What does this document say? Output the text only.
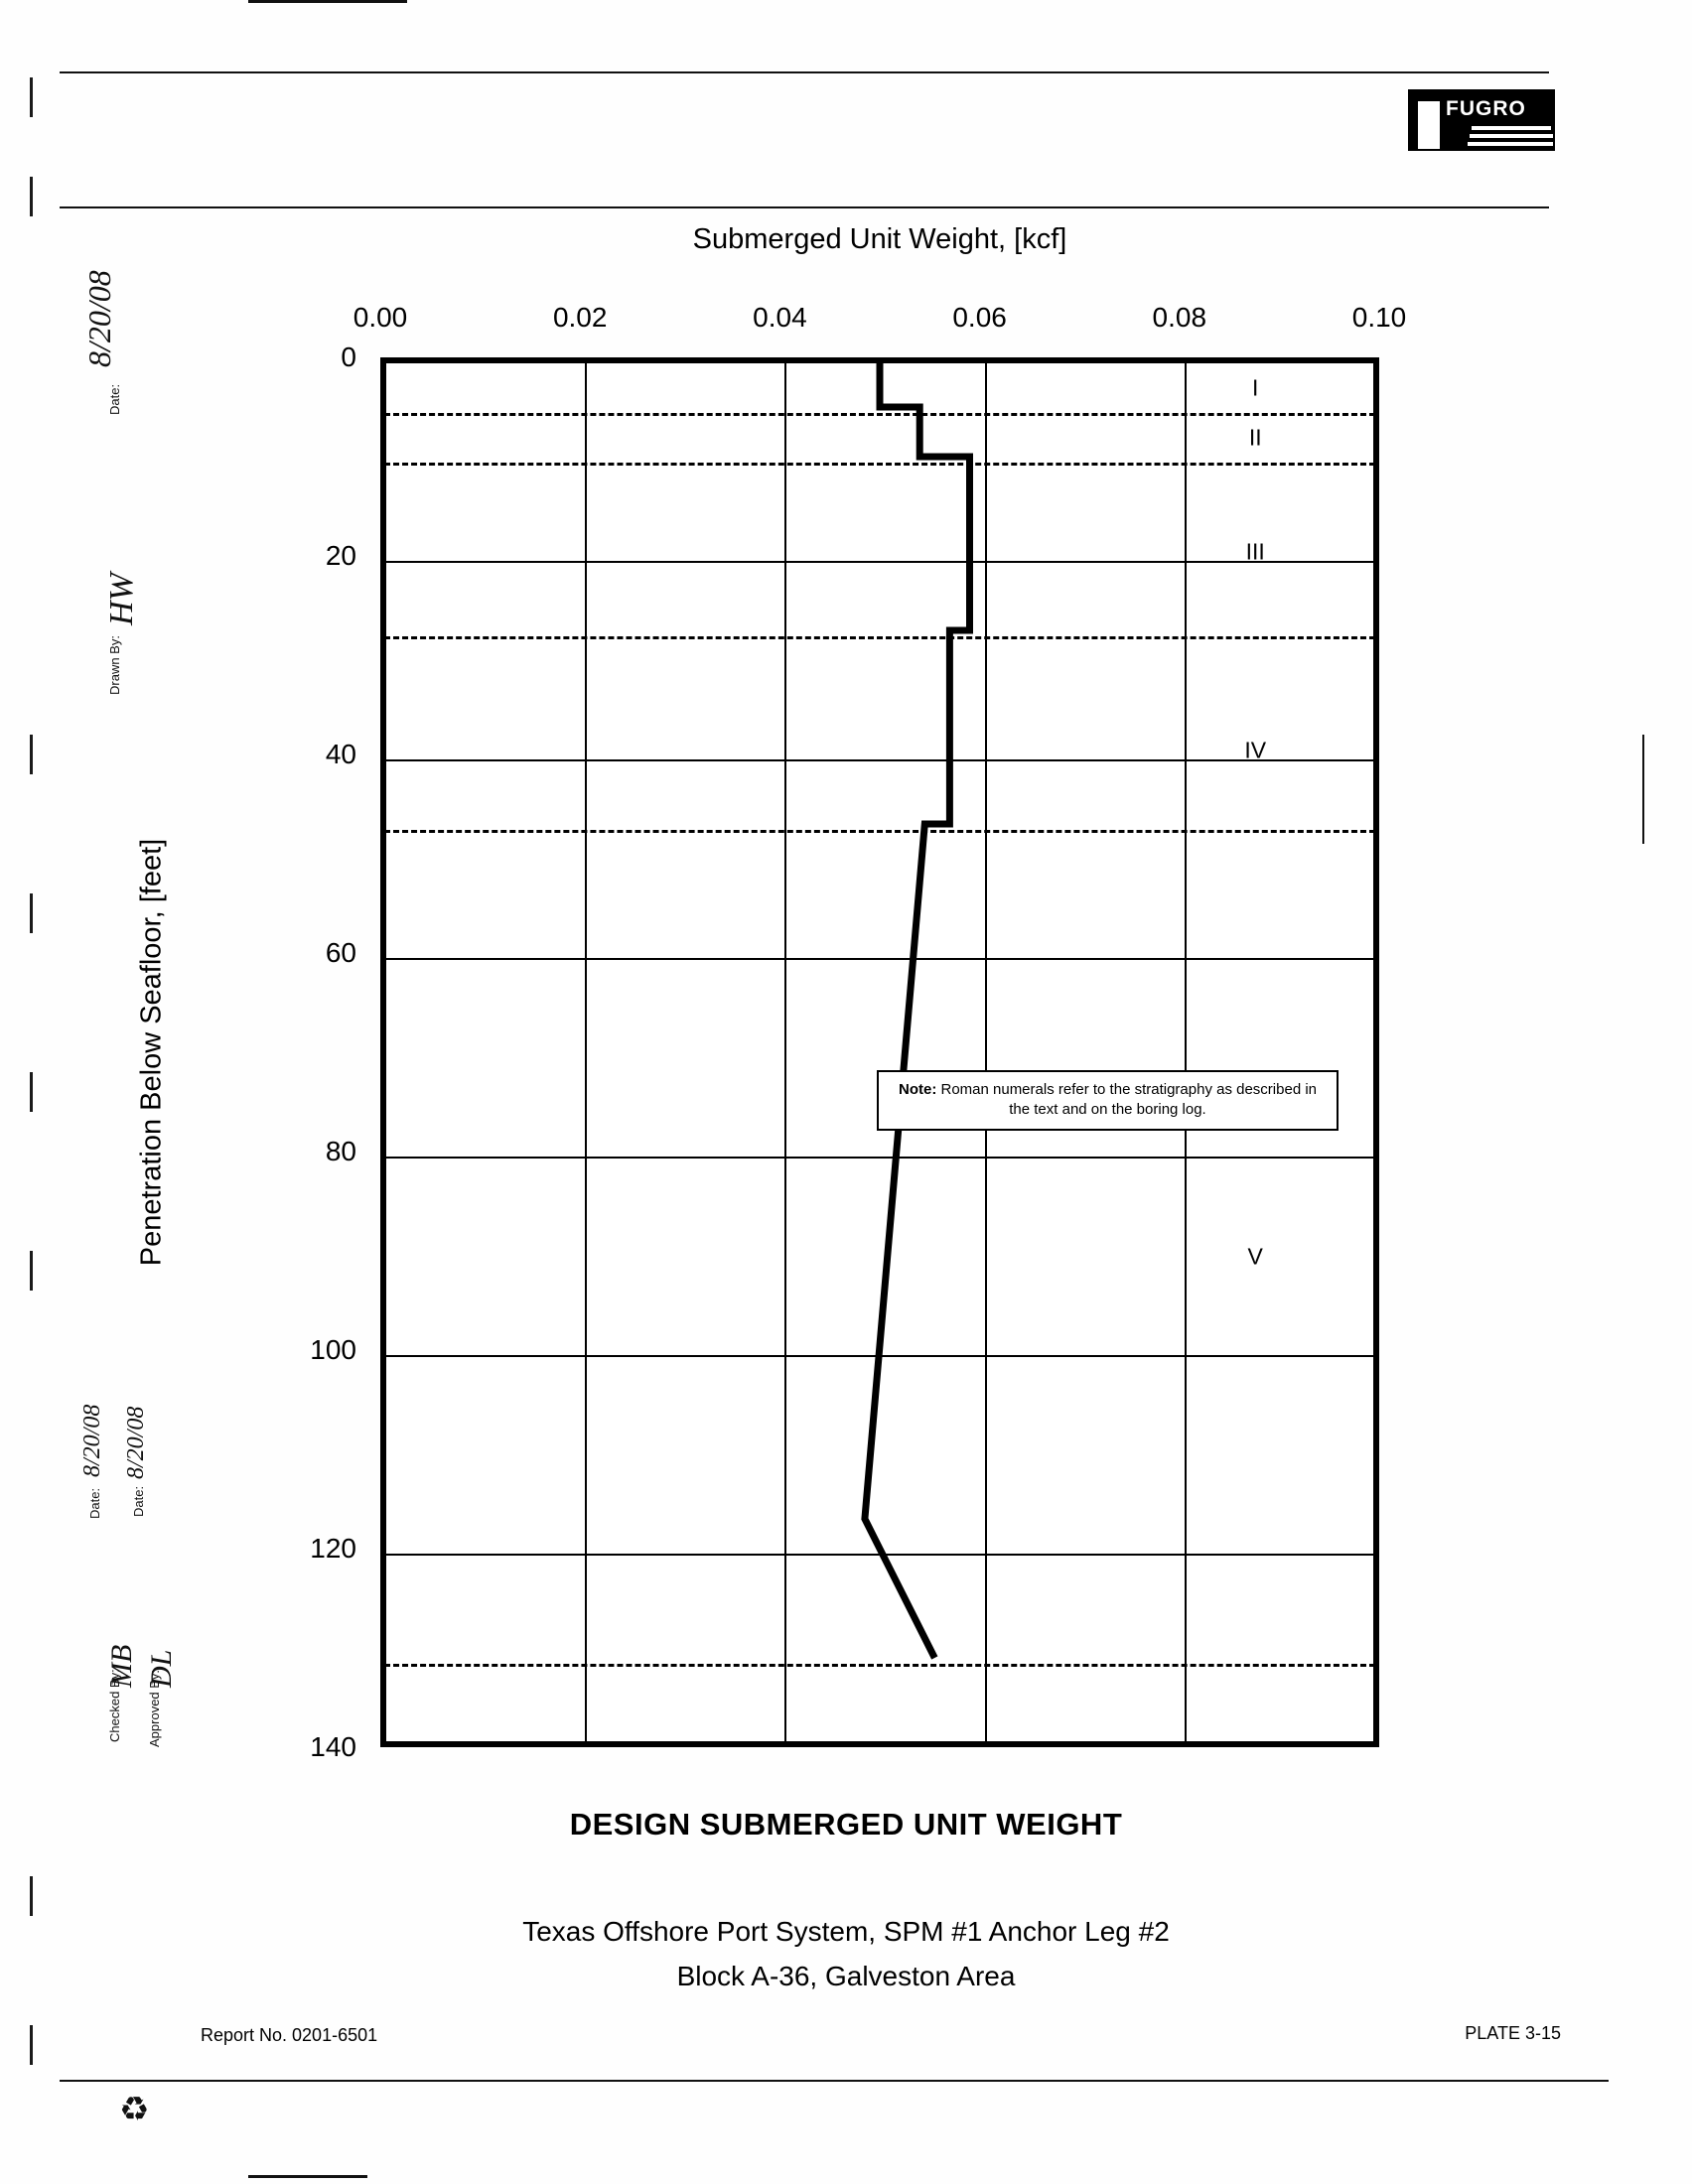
FUGRO
Drawn By:
HW
Date:
8/20/08
Checked By:
MB
Date:
8/20/08
Approved By:
DL
Date:
8/20/08
Submerged Unit Weight, [kcf]
Penetration Below Seafloor, [feet]
I
II
III
IV
V
Note: Roman numerals refer to the stratigraphy as described in the text and on the boring log.
0.00	0.02	0.04	0.06	0.08	0.10
0
20
40
60
80
100
120
140
DESIGN SUBMERGED UNIT WEIGHT
Texas Offshore Port System, SPM #1 Anchor Leg #2
Block A-36, Galveston Area
Report No. 0201-6501	PLATE 3-15
♻
